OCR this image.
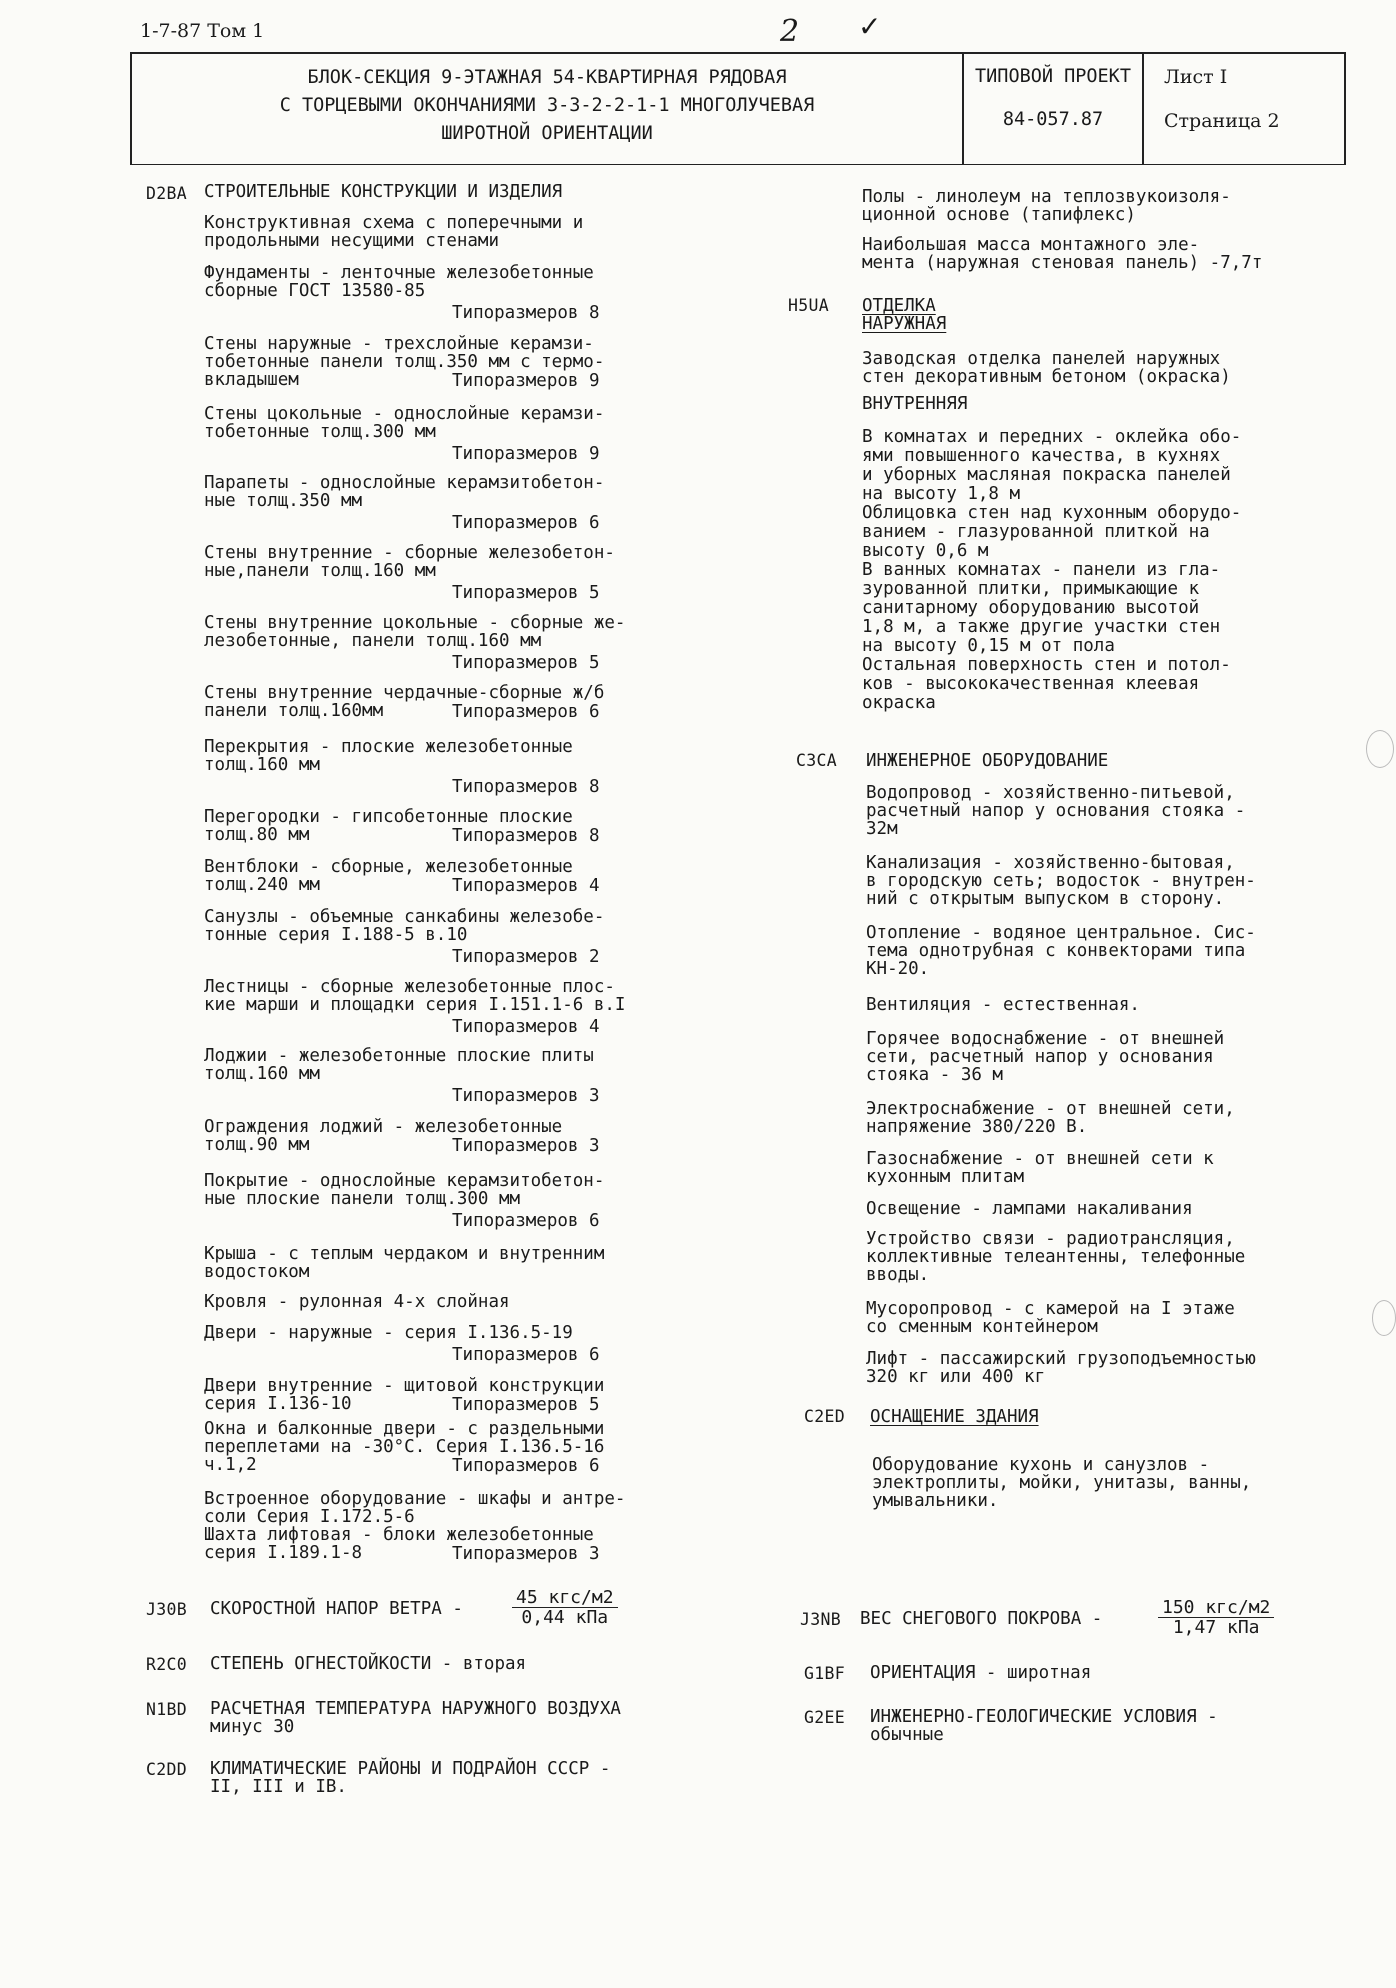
1-7-87 Том 1	2 ✓
БЛОК-СЕКЦИЯ 9-ЭТАЖНАЯ 54-КВАРТИРНАЯ РЯДОВАЯ
С ТОРЦЕВЫМИ ОКОНЧАНИЯМИ 3-3-2-2-1-1 МНОГОЛУЧЕВАЯ
ШИРОТНОЙ ОРИЕНТАЦИИ
ТИПОВОЙ ПРОЕКТ
84-057.87
Лист I
Страница 2
D2BA СТРОИТЕЛЬНЫЕ КОНСТРУКЦИИ И ИЗДЕЛИЯ
Конструктивная схема с поперечными и
продольными несущими стенами
Фундаменты - ленточные железобетонные
сборные ГОСТ 13580-85
Типоразмеров 8
Стены наружные - трехслойные керамзи-
тобетонные панели толщ.350 мм с термо-
вкладышем	Типоразмеров 9
Стены цокольные - однослойные керамзи-
тобетонные толщ.300 мм
Типоразмеров 9
Парапеты - однослойные керамзитобетон-
ные толщ.350 мм
Типоразмеров 6
Стены внутренние - сборные железобетон-
ные,панели толщ.160 мм
Типоразмеров 5
Стены внутренние цокольные - сборные же-
лезобетонные, панели толщ.160 мм
Типоразмеров 5
Стены внутренние чердачные-сборные ж/б
панели толщ.160мм	Типоразмеров 6
Перекрытия - плоские железобетонные
толщ.160 мм
Типоразмеров 8
Перегородки - гипсобетонные плоские
толщ.80 мм	Типоразмеров 8
Вентблоки - сборные, железобетонные
толщ.240 мм	Типоразмеров 4
Санузлы - объемные санкабины железобе-
тонные серия I.188-5 в.10
Типоразмеров 2
Лестницы - сборные железобетонные плос-
кие марши и площадки серия I.151.1-6 в.I
Типоразмеров 4
Лоджии - железобетонные плоские плиты
толщ.160 мм
Типоразмеров 3
Ограждения лоджий - железобетонные
толщ.90 мм	Типоразмеров 3
Покрытие - однослойные керамзитобетон-
ные плоские панели толщ.300 мм
Типоразмеров 6
Крыша - с теплым чердаком и внутренним
водостоком
Кровля - рулонная 4-х слойная
Двери - наружные - серия I.136.5-19
Типоразмеров 6
Двери внутренние - щитовой конструкции
серия I.136-10	Типоразмеров 5
Окна и балконные двери - с раздельными
переплетами на -30°С. Серия I.136.5-16
ч.1,2	Типоразмеров 6
Встроенное оборудование - шкафы и антре-
соли Серия I.172.5-6
Шахта лифтовая - блоки железобетонные
серия I.189.1-8	Типоразмеров 3
J30B СКОРОСТНОЙ НАПОР ВЕТРА -
45 кгс/м2
0,44 кПа
R2C0 СТЕПЕНЬ ОГНЕСТОЙКОСТИ - вторая
N1BD РАСЧЕТНАЯ ТЕМПЕРАТУРА НАРУЖНОГО ВОЗДУХА
минус 30
C2DD КЛИМАТИЧЕСКИЕ РАЙОНЫ И ПОДРАЙОН СССР -
II, III и IB.
Полы - линолеум на теплозвукоизоля-
ционной основе (тапифлекс)
Наибольшая масса монтажного эле-
мента (наружная стеновая панель) -7,7т
H5UA ОТДЕЛКА
НАРУЖНАЯ
Заводская отделка панелей наружных
стен декоративным бетоном (окраска)
ВНУТРЕННЯЯ
В комнатах и передних - оклейка обо-
ями повышенного качества, в кухнях
и уборных масляная покраска панелей
на высоту 1,8 м
Облицовка стен над кухонным оборудо-
ванием - глазурованной плиткой на
высоту 0,6 м
В ванных комнатах - панели из гла-
зурованной плитки, примыкающие к
санитарному оборудованию высотой
1,8 м, а также другие участки стен
на высоту 0,15 м от пола
Остальная поверхность стен и потол-
ков - высококачественная клеевая
окраска
C3CA ИНЖЕНЕРНОЕ ОБОРУДОВАНИЕ
Водопровод - хозяйственно-питьевой,
расчетный напор у основания стояка -
32м
Канализация - хозяйственно-бытовая,
в городскую сеть; водосток - внутрен-
ний с открытым выпуском в сторону.
Отопление - водяное центральное. Сис-
тема однотрубная с конвекторами типа
КН-20.
Вентиляция - естественная.
Горячее водоснабжение - от внешней
сети, расчетный напор у основания
стояка - 36 м
Электроснабжение - от внешней сети,
напряжение 380/220 В.
Газоснабжение - от внешней сети к
кухонным плитам
Освещение - лампами накаливания
Устройство связи - радиотрансляция,
коллективные телеантенны, телефонные
вводы.
Мусоропровод - с камерой на I этаже
со сменным контейнером
Лифт - пассажирский грузоподъемностью
320 кг или 400 кг
C2ED ОСНАЩЕНИЕ ЗДАНИЯ
Оборудование кухонь и санузлов -
электроплиты, мойки, унитазы, ванны,
умывальники.
J3NB ВЕС СНЕГОВОГО ПОКРОВА -
150 кгс/м2
1,47 кПа
G1BF ОРИЕНТАЦИЯ - широтная
G2EE ИНЖЕНЕРНО-ГЕОЛОГИЧЕСКИЕ УСЛОВИЯ -
обычные
